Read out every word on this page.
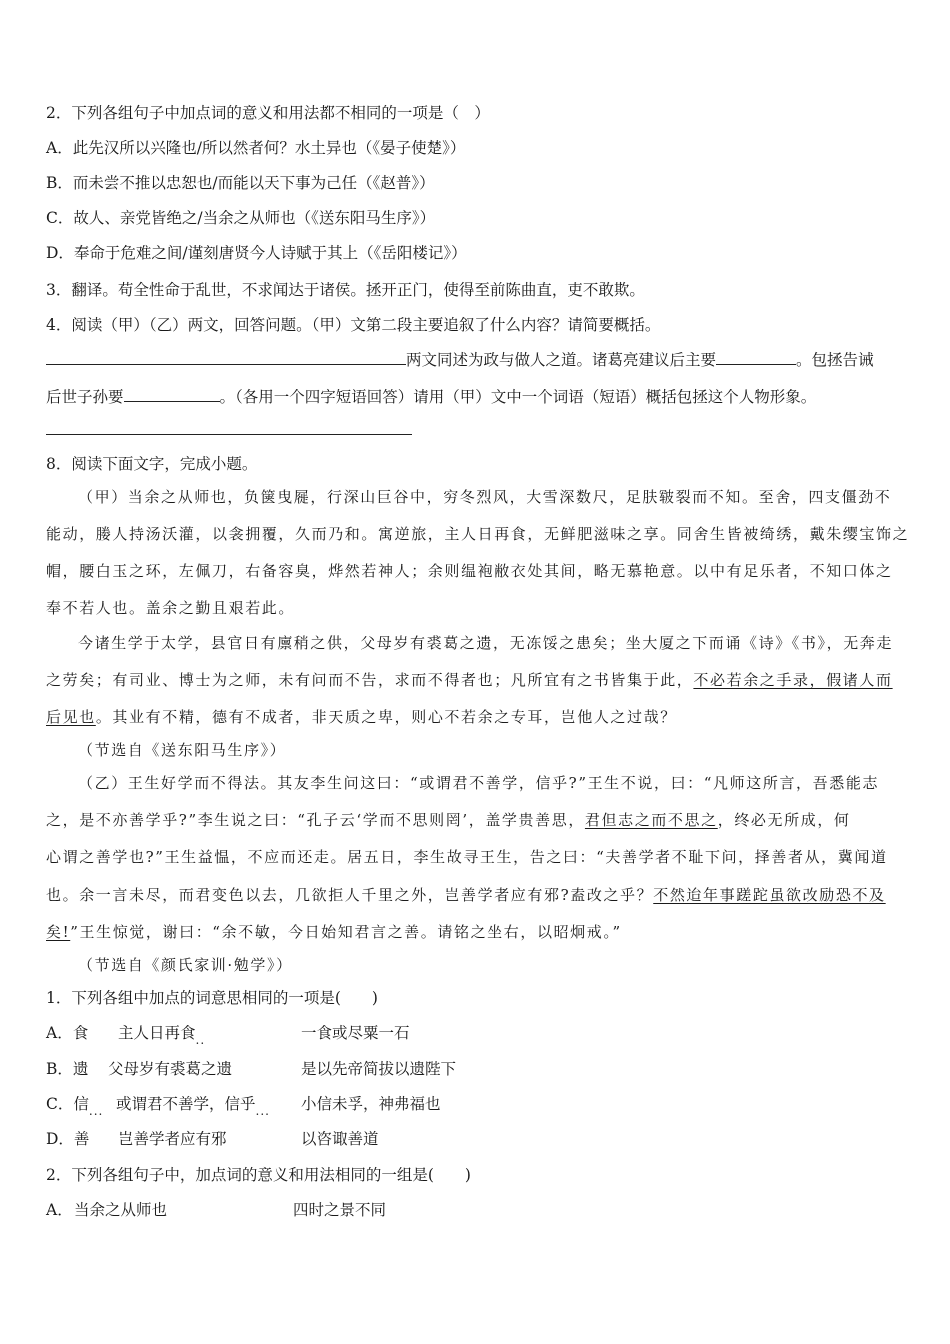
2．下列各组句子中加点词的意义和用法都不相同的一项是（　）
A．此先汉所以兴隆也/所以然者何？水土异也（《晏子使楚》）
B．而未尝不推以忠恕也/而能以天下事为己任（《赵普》）
C．故人、亲党皆绝之/当余之从师也（《送东阳马生序》）
D．奉命于危难之间/谨刻唐贤今人诗赋于其上（《岳阳楼记》）
3．翻译。苟全性命于乱世，不求闻达于诸侯。拯开正门，使得至前陈曲直，吏不敢欺。
4．阅读（甲）（乙）两文，回答问题。（甲）文第二段主要追叙了什么内容？请简要概括。
两文同述为政与做人之道。诸葛亮建议后主要	。包拯告诫
后世子孙要	。（各用一个四字短语回答）请用（甲）文中一个词语（短语）概括包拯这个人物形象。
8．阅读下面文字，完成小题。
（甲）当余之从师也，负箧曳屣，行深山巨谷中，穷冬烈风，大雪深数尺，足肤皲裂而不知。至舍，四支僵劲不
能动，媵人持汤沃灌，以衾拥覆，久而乃和。寓逆旅，主人日再食，无鲜肥滋味之享。同舍生皆被绮绣，戴朱缨宝饰之
帽，腰白玉之环，左佩刀，右备容臭，烨然若神人；余则缊袍敝衣处其间，略无慕艳意。以中有足乐者，不知口体之
奉不若人也。盖余之勤且艰若此。
今诸生学于太学，县官日有廪稍之供，父母岁有裘葛之遗，无冻馁之患矣；坐大厦之下而诵《诗》《书》，无奔走
之劳矣；有司业、博士为之师，未有问而不告，求而不得者也；凡所宜有之书皆集于此，不必若余之手录，假诸人而
后见也。其业有不精，德有不成者，非天质之卑，则心不若余之专耳，岂他人之过哉？
（节选自《送东阳马生序》）
（乙）王生好学而不得法。其友李生问这曰：“或谓君不善学，信乎?”王生不说，曰：“凡师这所言，吾悉能志
之，是不亦善学乎?”李生说之曰：“孔子云‘学而不思则罔’，盖学贵善思，君但志之而不思之，终必无所成，何
心谓之善学也?”王生益愠，不应而还走。居五日，李生故寻王生，告之曰：“夫善学者不耻下问，择善者从，冀闻道
也。余一言未尽，而君变色以去，几欲拒人千里之外，岂善学者应有邪?盍改之乎？不然迨年事蹉跎虽欲改励恐不及
矣!”王生惊觉，谢曰：“余不敏，今日始知君言之善。请铭之坐右，以昭炯戒。”
（节选自《颜氏家训·勉学》）
1．下列各组中加点的词意思相同的一项是(　　)
A．食 主人日再食$_{..}$	一食或尽粟一石
B．遗 父母岁有裘葛之遗	是以先帝简拔以遗陛下
C．信$_{...}$ 或谓君不善学，信乎$_{...}$ 小信未孚，神弗福也
D．善 岂善学者应有邪	以咨诹善道
2．下列各组句子中，加点词的意义和用法相同的一组是(　　)
A． 当余之从师也	四时之景不同
